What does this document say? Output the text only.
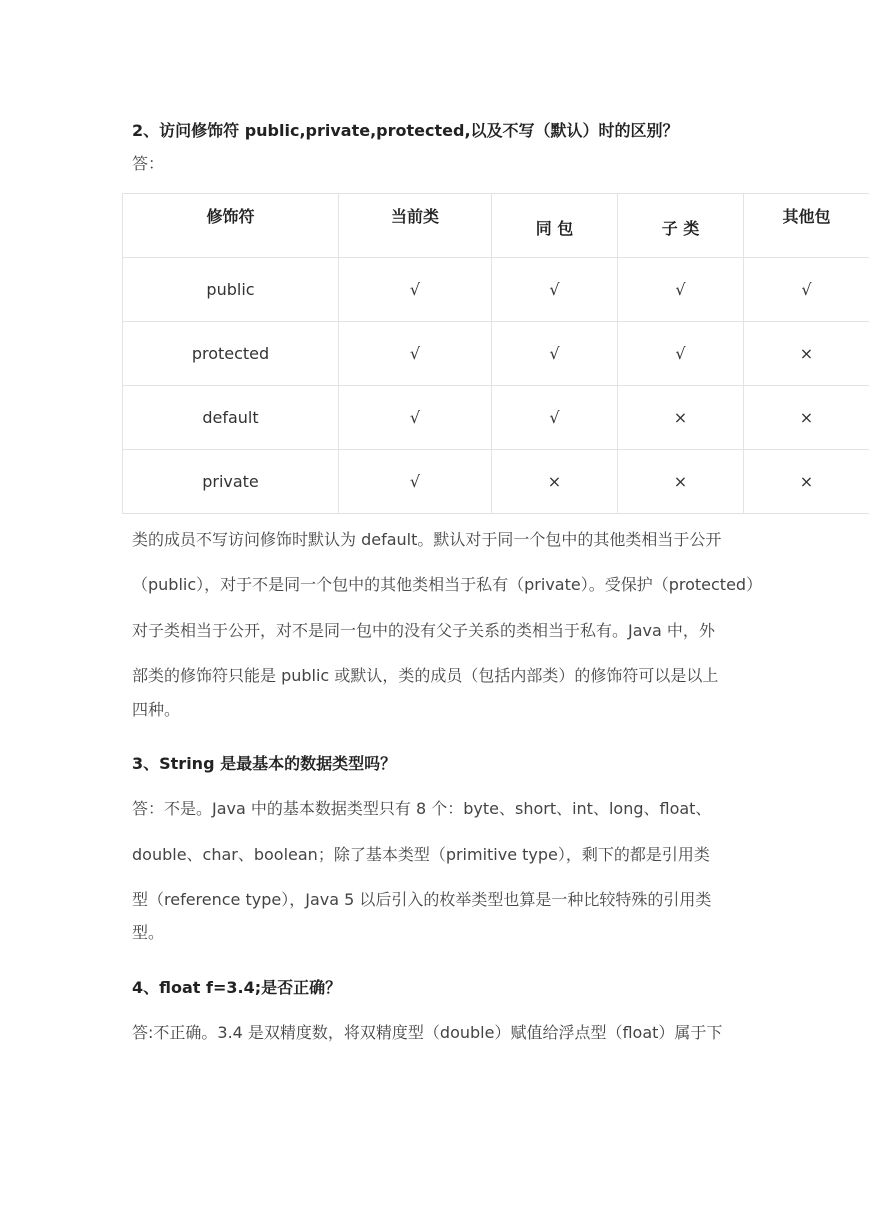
2、访问修饰符 public,private,protected,以及不写（默认）时的区别？
答：
修饰符	当前类	同 包	子 类	其他包

public	√	√	√	√
protected	√	√	√	×
default	√	√	×	×
private	√	×	×	×
类的成员不写访问修饰时默认为 default。默认对于同一个包中的其他类相当于公开
（public），对于不是同一个包中的其他类相当于私有（private）。受保护（protected）
对子类相当于公开，对不是同一包中的没有父子关系的类相当于私有。Java 中，外
部类的修饰符只能是 public 或默认，类的成员（包括内部类）的修饰符可以是以上
四种。
3、String 是最基本的数据类型吗？
答：不是。Java 中的基本数据类型只有 8 个：byte、short、int、long、float、
double、char、boolean；除了基本类型（primitive type），剩下的都是引用类
型（reference type），Java 5 以后引入的枚举类型也算是一种比较特殊的引用类
型。
4、float f=3.4;是否正确？
答:不正确。3.4 是双精度数，将双精度型（double）赋值给浮点型（float）属于下
